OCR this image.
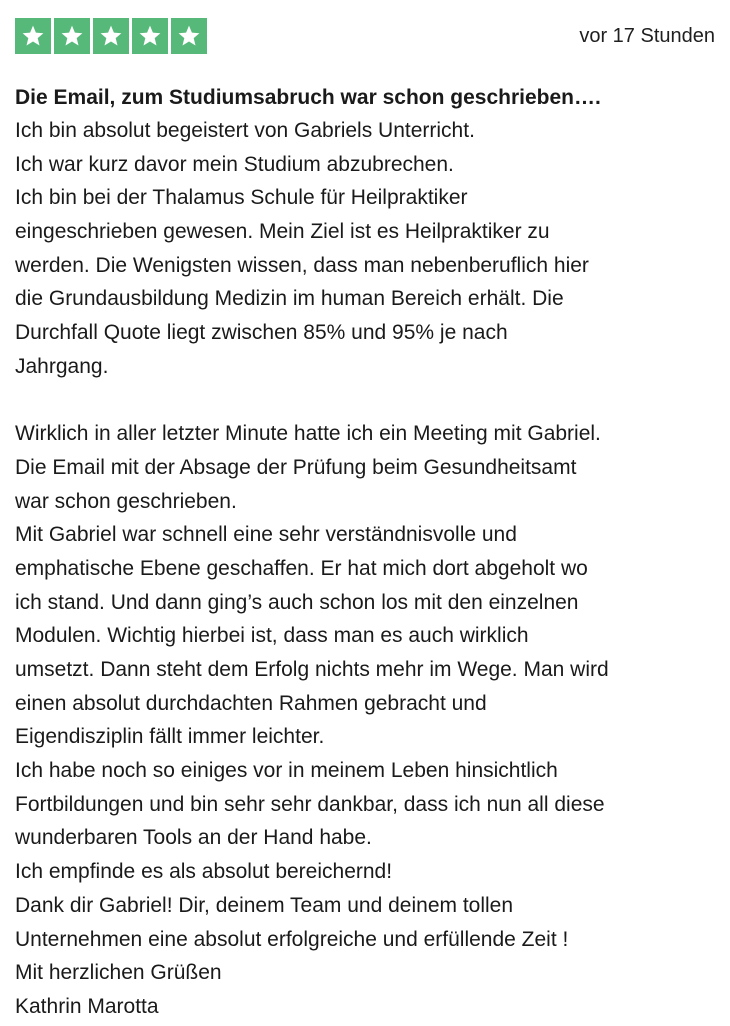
vor 17 Stunden
Die Email, zum Studiumsabruch war schon geschrieben….
Ich bin absolut begeistert von Gabriels Unterricht.
Ich war kurz davor mein Studium abzubrechen.
Ich bin bei der Thalamus Schule für Heilpraktiker
eingeschrieben gewesen. Mein Ziel ist es Heilpraktiker zu
werden. Die Wenigsten wissen, dass man nebenberuflich hier
die Grundausbildung Medizin im human Bereich erhält. Die
Durchfall Quote liegt zwischen 85% und 95% je nach
Jahrgang.
Wirklich in aller letzter Minute hatte ich ein Meeting mit Gabriel.
Die Email mit der Absage der Prüfung beim Gesundheitsamt
war schon geschrieben.
Mit Gabriel war schnell eine sehr verständnisvolle und
emphatische Ebene geschaffen. Er hat mich dort abgeholt wo
ich stand. Und dann ging’s auch schon los mit den einzelnen
Modulen. Wichtig hierbei ist, dass man es auch wirklich
umsetzt. Dann steht dem Erfolg nichts mehr im Wege. Man wird
einen absolut durchdachten Rahmen gebracht und
Eigendisziplin fällt immer leichter.
Ich habe noch so einiges vor in meinem Leben hinsichtlich
Fortbildungen und bin sehr sehr dankbar, dass ich nun all diese
wunderbaren Tools an der Hand habe.
Ich empfinde es als absolut bereichernd!
Dank dir Gabriel! Dir, deinem Team und deinem tollen
Unternehmen eine absolut erfolgreiche und erfüllende Zeit !
Mit herzlichen Grüßen
Kathrin Marotta
